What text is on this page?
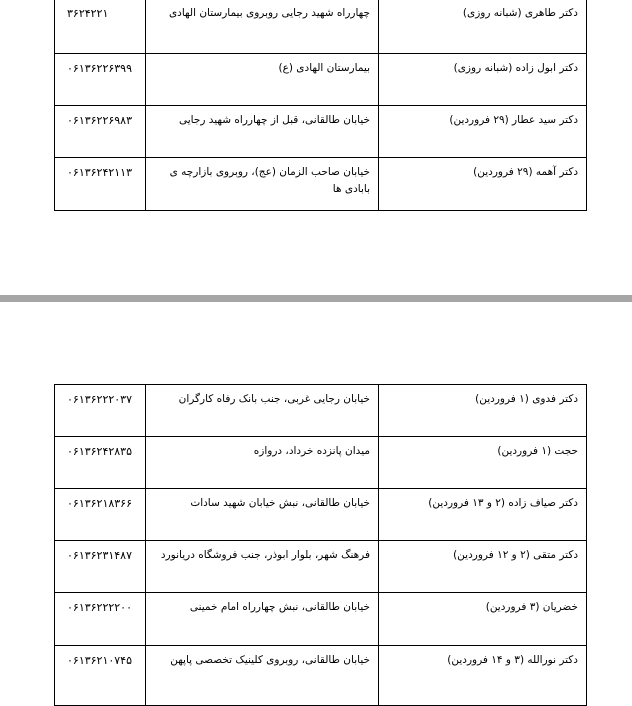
دکتر طاهری (شبانه روزی)	چهارراه شهید رجایی روبروی بیمارستان الهادی	۳۶۲۴۲۲۱
دکتر ابول زاده (شبانه روزی)	بیمارستان الهادی (ع)	۰۶۱۳۶۲۲۶۳۹۹
دکتر سید عطار (۲۹ فروردین)	خیابان طالقانی، قبل از چهارراه شهید رجایی	۰۶۱۳۶۲۲۶۹۸۳
دکتر آهمه (۲۹ فروردین)	خیابان صاحب الزمان (عج)، روبروی بازارچه ی بابادی ها	۰۶۱۳۶۲۴۲۱۱۳
دکتر فدوی (۱ فروردین)	خیابان رجایی غربی، جنب بانک رفاه کارگران	۰۶۱۳۶۲۲۲۰۳۷
حجت (۱ فروردین)	میدان پانزده خرداد، دروازه	۰۶۱۳۶۲۴۲۸۳۵
دکتر صیاف زاده (۲ و ۱۳ فروردین)	خیابان طالقانی، نبش خیابان شهید سادات	۰۶۱۳۶۲۱۸۳۶۶
دکتر متقی (۲ و ۱۲ فروردین)	فرهنگ شهر، بلوار ابوذر، جنب فروشگاه دریانورد	۰۶۱۳۶۲۳۱۴۸۷
خضریان (۳ فروردین)	خیابان طالقانی، نبش چهارراه امام خمینی	۰۶۱۳۶۲۲۲۲۰۰
دکتر نورالله (۳ و ۱۴ فروردین)	خیابان طالقانی، روبروی کلینیک تخصصی پاپهن	۰۶۱۳۶۲۱۰۷۴۵
